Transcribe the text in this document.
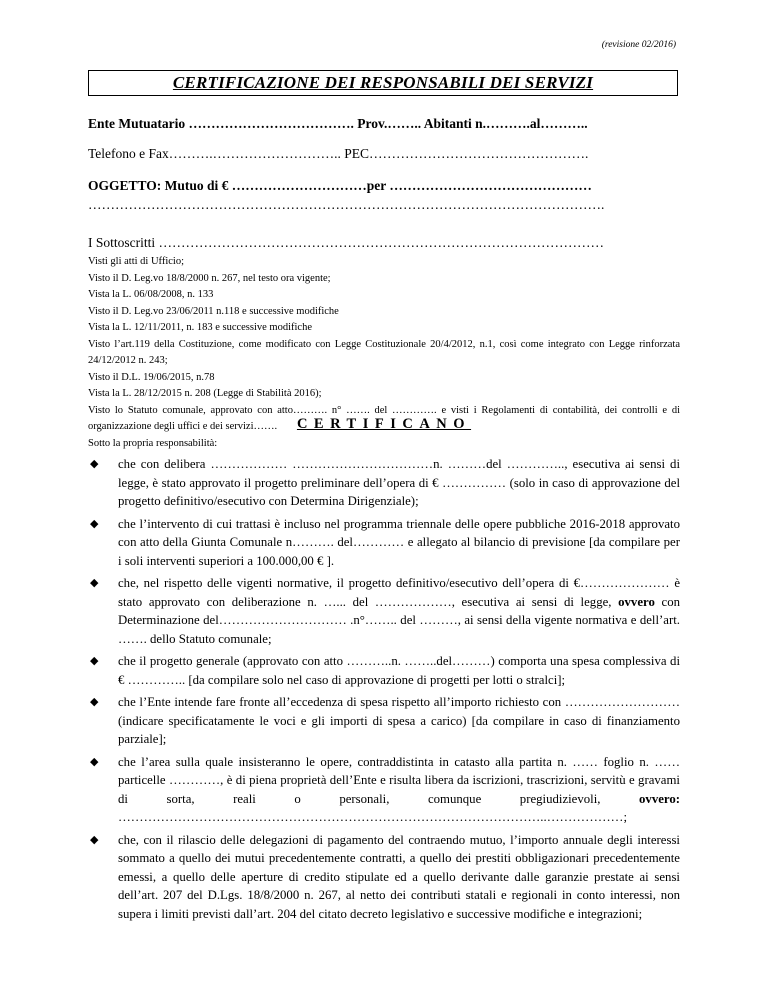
(revisione 02/2016)
CERTIFICAZIONE DEI RESPONSABILI DEI SERVIZI
Ente Mutuatario ………………………………. Prov.…….. Abitanti n.……….al………..
Telefono e Fax……….……………………….. PEC………………………………………….
OGGETTO: Mutuo di € …………………………per ………………………………………
…………………………………………………………………………………………………….
I Sottoscritti ………………………………………………………………………………………

Visti gli atti di Ufficio;

Visto il D. Leg.vo 18/8/2000 n. 267, nel testo ora vigente;

Vista la L. 06/08/2008, n. 133

Visto il D. Leg.vo 23/06/2011 n.118 e successive modifiche

Vista la L. 12/11/2011, n. 183 e successive modifiche

Visto l’art.119 della Costituzione, come modificato con Legge Costituzionale 20/4/2012, n.1, così come integrato con Legge rinforzata 24/12/2012 n. 243;

Visto il D.L. 19/06/2015, n.78

Vista la L. 28/12/2015 n. 208 (Legge di Stabilità 2016);

Visto lo Statuto comunale, approvato con atto………. n° ……. del …………. e visti i Regolamenti di contabilità, dei controlli e di organizzazione degli uffici e dei servizi…….

Sotto la propria responsabilità:

CERTIFICANO
◆ che con delibera ……………… ……………………………n. ………del ………….., esecutiva ai sensi di legge, è stato approvato il progetto preliminare dell’opera di € …………… (solo in caso di approvazione del progetto definitivo/esecutivo con Determina Dirigenziale);
◆ che l’intervento di cui trattasi è incluso nel programma triennale delle opere pubbliche 2016-2018 approvato con atto della Giunta Comunale n………. del………… e allegato al bilancio di previsione [da compilare per i soli interventi superiori a 100.000,00 € ].
◆ che, nel rispetto delle vigenti normative, il progetto definitivo/esecutivo dell’opera di €………………… è stato approvato con deliberazione n. …... del ………………, esecutiva ai sensi di legge, ovvero con Determinazione del………………………… .n°…….. del ………, ai sensi della vigente normativa e dell’art. ……. dello Statuto comunale;
◆ che il progetto generale (approvato con atto ………..n. ……..del………) comporta una spesa complessiva di € ………….. [da compilare solo nel caso di approvazione di progetti per lotti o stralci];
◆ che l’Ente intende fare fronte all’eccedenza di spesa rispetto all’importo richiesto con ………………………(indicare specificatamente le voci e gli importi di spesa a carico) [da compilare in caso di finanziamento parziale];
◆ che l’area sulla quale insisteranno le opere, contraddistinta in catasto alla partita n. …… foglio n. …… particelle …………, è di piena proprietà dell’Ente e risulta libera da iscrizioni, trascrizioni, servitù e gravami di sorta, reali o personali, comunque pregiudizievoli, ovvero: ………………………………………………………………………………………..………………;
◆ che, con il rilascio delle delegazioni di pagamento del contraendo mutuo, l’importo annuale degli interessi sommato a quello dei mutui precedentemente contratti, a quello dei prestiti obbligazionari precedentemente emessi, a quello delle aperture di credito stipulate ed a quello derivante dalle garanzie prestate ai sensi dell’art. 207 del D.Lgs. 18/8/2000 n. 267, al netto dei contributi statali e regionali in conto interessi, non supera i limiti previsti dall’art. 204 del citato decreto legislativo e successive modifiche e integrazioni;
